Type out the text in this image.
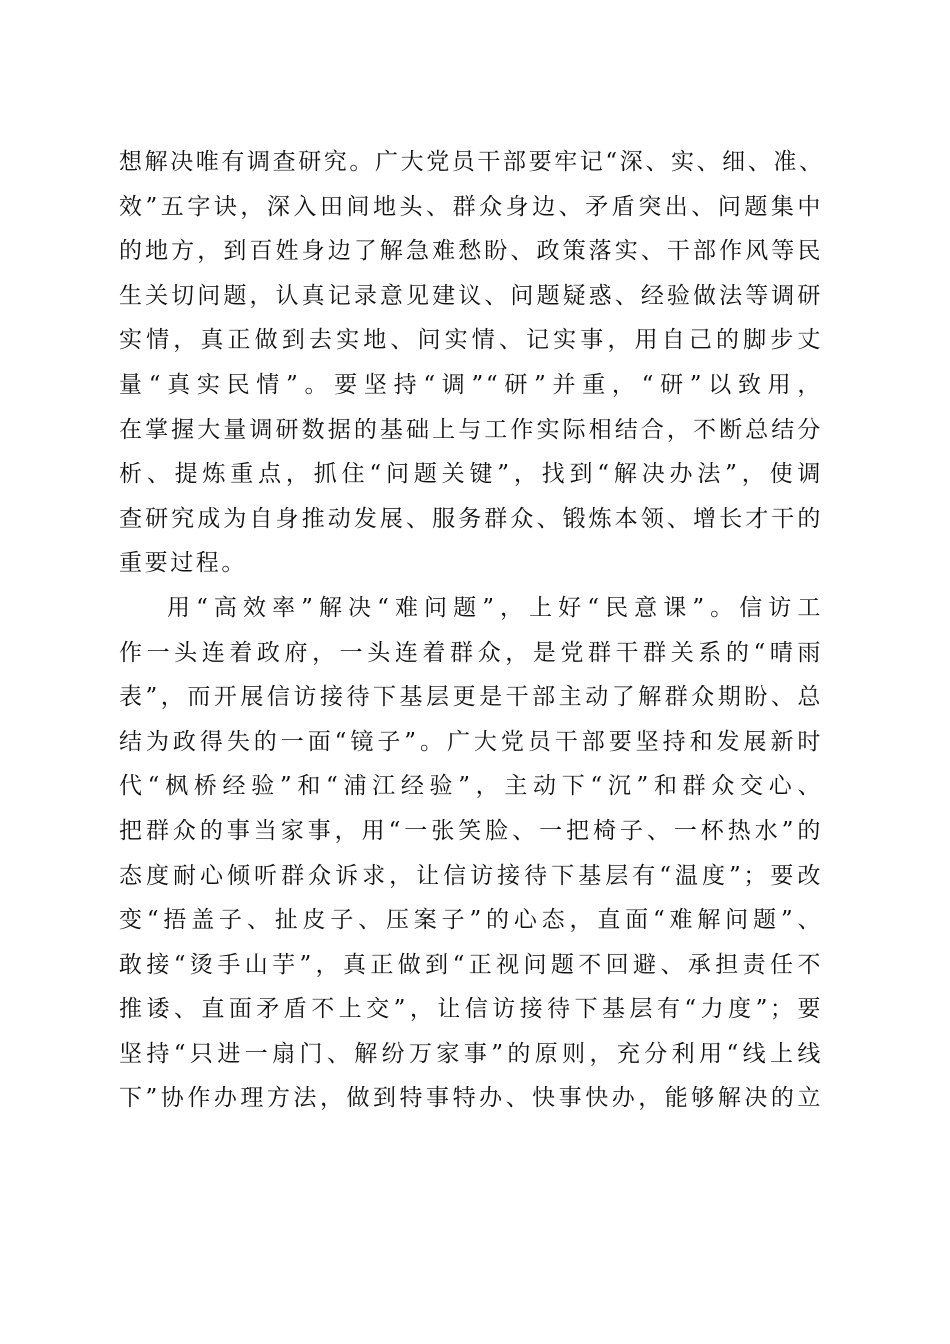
想解决唯有调查研究。广大党员干部要牢记“深、实、细、准、
效”五字诀，深入田间地头、群众身边、矛盾突出、问题集中
的地方，到百姓身边了解急难愁盼、政策落实、干部作风等民
生关切问题，认真记录意见建议、问题疑惑、经验做法等调研
实情，真正做到去实地、问实情、记实事，用自己的脚步丈
量“真实民情”。要坚持“调”“研”并重，“研”以致用，
在掌握大量调研数据的基础上与工作实际相结合，不断总结分
析、提炼重点，抓住“问题关键”，找到“解决办法”，使调
查研究成为自身推动发展、服务群众、锻炼本领、增长才干的
重要过程。
用“高效率”解决“难问题”，上好“民意课”。信访工
作一头连着政府，一头连着群众，是党群干群关系的“晴雨
表”，而开展信访接待下基层更是干部主动了解群众期盼、总
结为政得失的一面“镜子”。广大党员干部要坚持和发展新时
代“枫桥经验”和“浦江经验”，主动下“沉”和群众交心、
把群众的事当家事，用“一张笑脸、一把椅子、一杯热水”的
态度耐心倾听群众诉求，让信访接待下基层有“温度”；要改
变“捂盖子、扯皮子、压案子”的心态，直面“难解问题”、
敢接“烫手山芋”，真正做到“正视问题不回避、承担责任不
推诿、直面矛盾不上交”，让信访接待下基层有“力度”；要
坚持“只进一扇门、解纷万家事”的原则，充分利用“线上线
下”协作办理方法，做到特事特办、快事快办，能够解决的立
